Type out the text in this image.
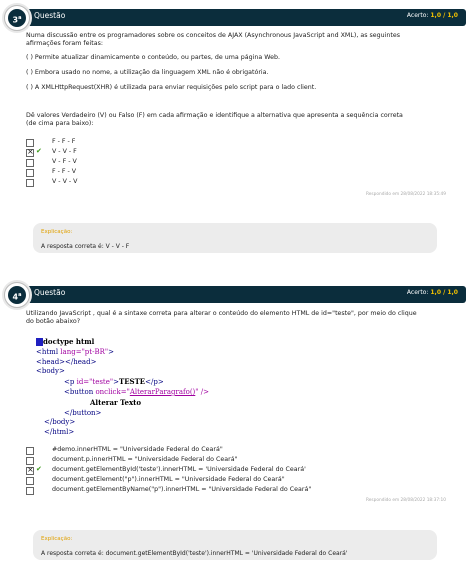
Questão	Acerto: 1,0 / 1,0
3$^a$
Numa discussão entre os programadores sobre os conceitos de AJAX (Asynchronous JavaScript and XML), as seguintes
afirmações foram feitas:
( ) Permite atualizar dinamicamente o conteúdo, ou partes, de uma página Web.
( ) Embora usado no nome, a utilização da linguagem XML não é obrigatória.
( ) A XMLHttpRequest(XHR) é utilizada para enviar requisições pelo script para o lado client.
Dê valores Verdadeiro (V) ou Falso (F) em cada afirmação e identifique a alternativa que apresenta a sequência correta
(de cima para baixo):
F - F - F
×
✔ V - V - F
V - F - V
F - F - V
V - V - V
Respondido em 28/08/2022 18:35:49
Explicação:
A resposta correta é: V - V - F
Questão	Acerto: 1,0 / 1,0
4$^a$
Utilizando JavaScript , qual é a sintaxe correta para alterar o conteúdo do elemento HTML de id="teste", por meio do clique
do botão abaixo?
__doctype html
<html lang="pt-BR">
<head></head>
<body>
<p id="teste">TESTE</p>
<button onclick="AlterarParagrafo()" />
Alterar Texto
</button>
</body>
</html>
#demo.innerHTML = "Universidade Federal do Ceará"
document.p.innerHTML = "Universidade Federal do Ceará"
×
✔ document.getElementById('teste').innerHTML = 'Universidade Federal do Ceará'
document.getElement("p").innerHTML = "Universidade Federal do Ceará"
document.getElementByName("p").innerHTML = "Universidade Federal do Ceará"
Respondido em 28/08/2022 18:37:10
Explicação:
A resposta correta é: document.getElementById('teste').innerHTML = 'Universidade Federal do Ceará'
